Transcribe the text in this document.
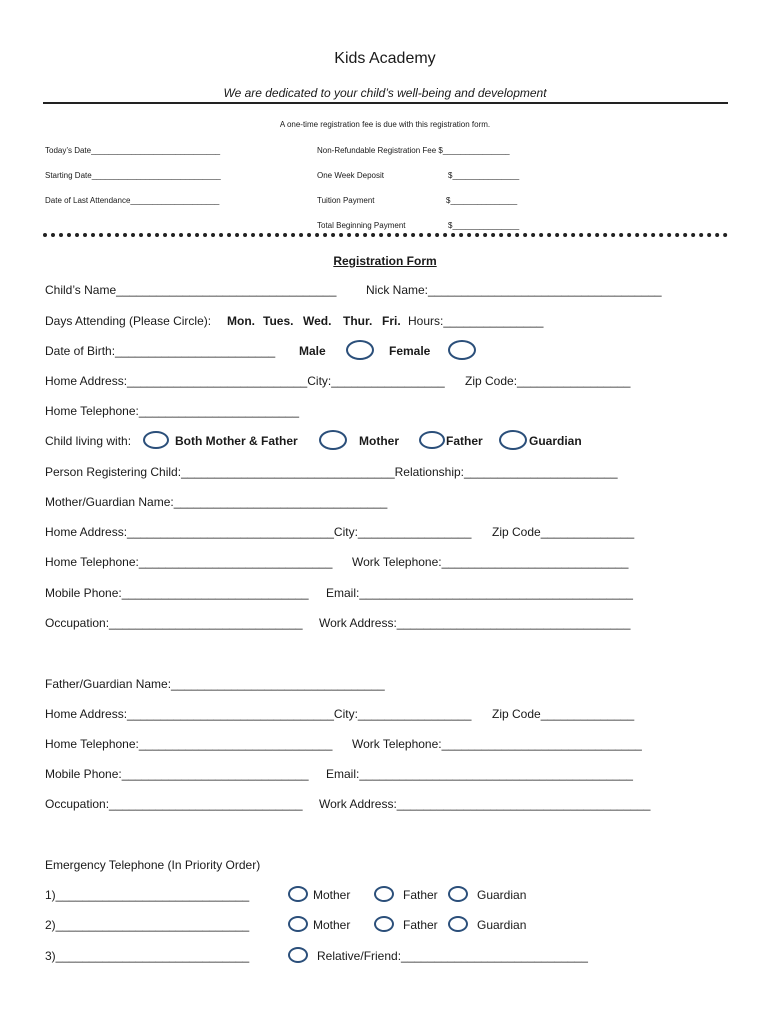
Kids Academy
We are dedicated to your child’s well-being and development
A one-time registration fee is due with this registration form.
Today’s Date_____________________________
Starting Date_____________________________
Date of Last Attendance____________________
Non-Refundable Registration Fee $_______________
One Week Deposit	$_______________
Tuition Payment	$_______________
Total Beginning Payment	$_______________
Registration Form
Child’s Name_________________________________ Nick Name:___________________________________
Days Attending (Please Circle): Mon. Tues. Wed. Thur. Fri. Hours:_______________
Date of Birth:________________________ Male	Female
Home Address:___________________________City:_________________ Zip Code:_________________
Home Telephone:________________________
Child living with:	Both Mother & Father	Mother	Father	Guardian
Person Registering Child:________________________________Relationship:_______________________
Mother/Guardian Name:________________________________
Home Address:_______________________________City:_________________ Zip Code______________
Home Telephone:_____________________________ Work Telephone:____________________________
Mobile Phone:____________________________ Email:_________________________________________
Occupation:_____________________________ Work Address:___________________________________
Father/Guardian Name:________________________________
Home Address:_______________________________City:_________________ Zip Code______________
Home Telephone:_____________________________ Work Telephone:______________________________
Mobile Phone:____________________________ Email:_________________________________________
Occupation:_____________________________ Work Address:______________________________________
Emergency Telephone (In Priority Order)
1)_____________________________	Mother	Father	Guardian
2)_____________________________	Mother	Father	Guardian
3)_____________________________	Relative/Friend:____________________________
